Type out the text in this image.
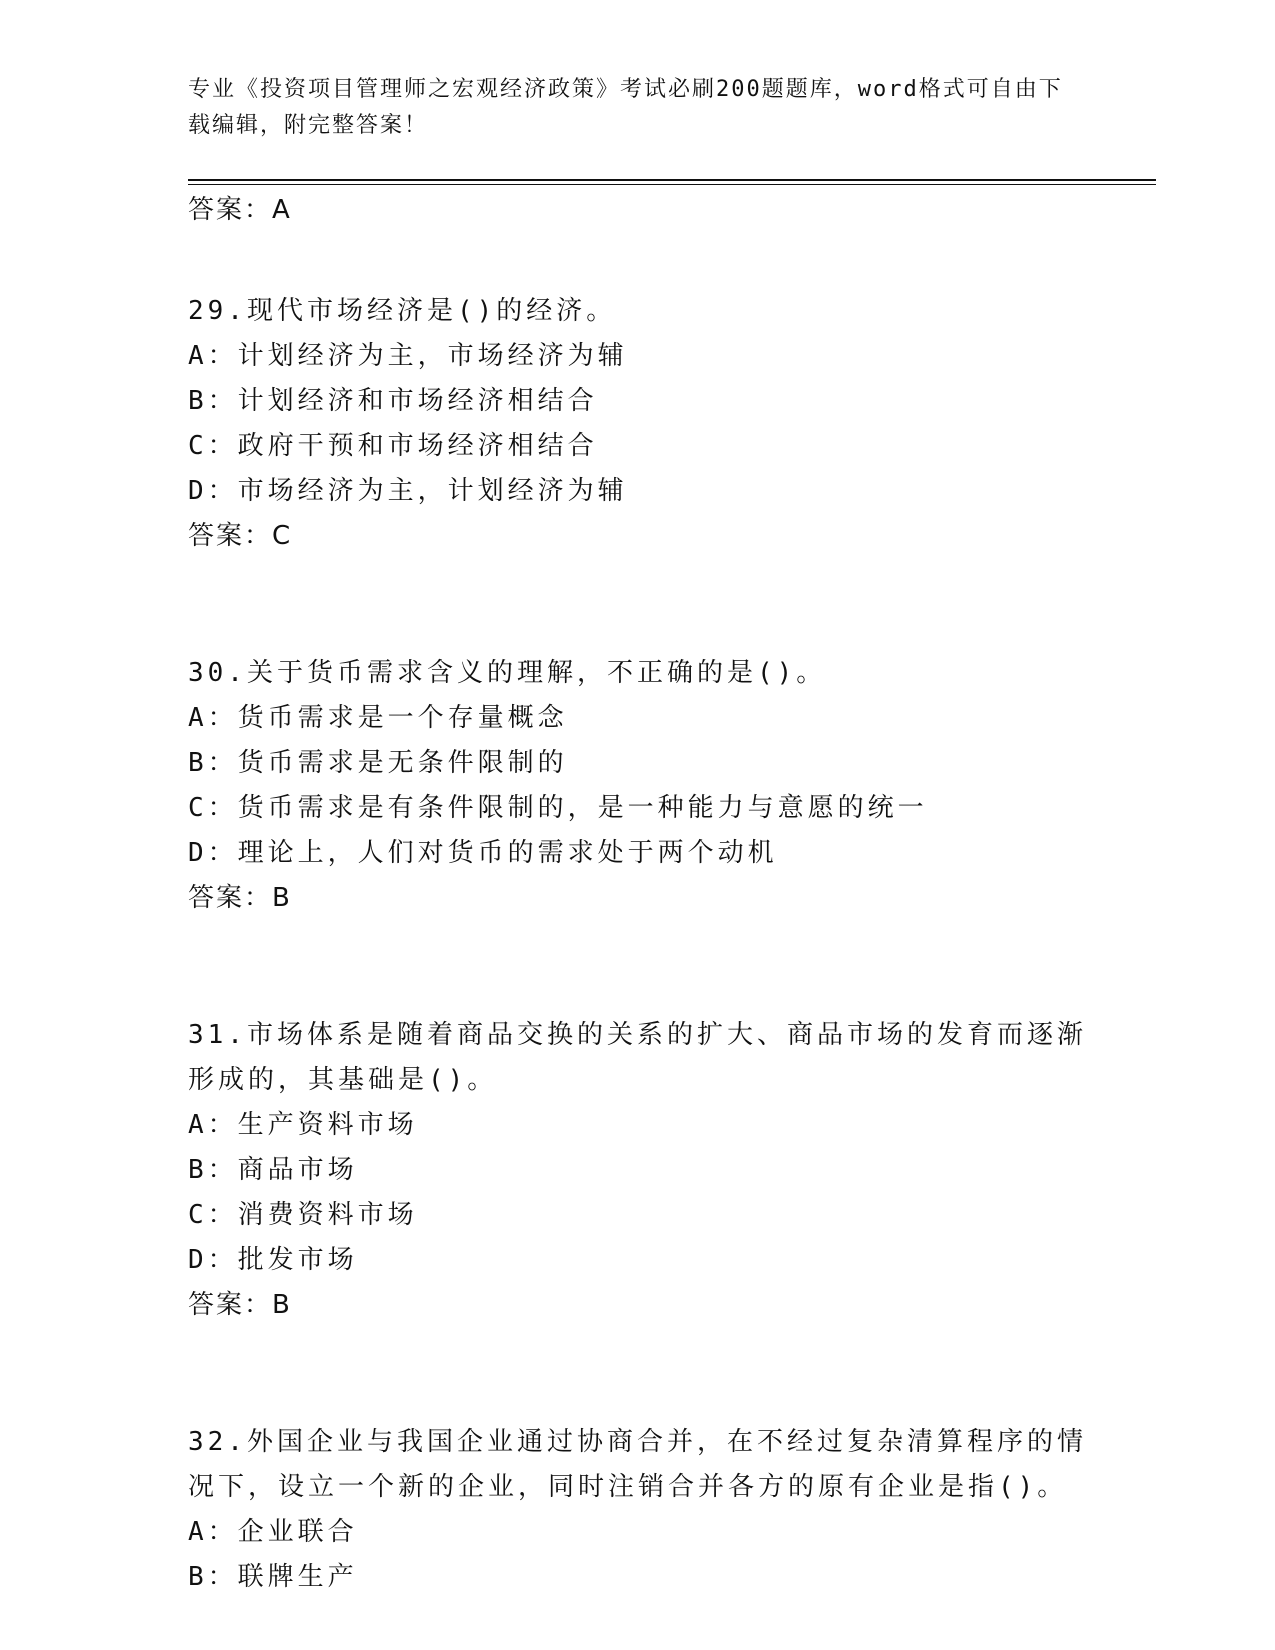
专业《投资项目管理师之宏观经济政策》考试必刷200题题库，word格式可自由下载编辑，附完整答案！
答案：A
29.现代市场经济是()的经济。
A：计划经济为主，市场经济为辅
B：计划经济和市场经济相结合
C：政府干预和市场经济相结合
D：市场经济为主，计划经济为辅
答案：C
30.关于货币需求含义的理解，不正确的是()。
A：货币需求是一个存量概念
B：货币需求是无条件限制的
C：货币需求是有条件限制的，是一种能力与意愿的统一
D：理论上，人们对货币的需求处于两个动机
答案：B
31.市场体系是随着商品交换的关系的扩大、商品市场的发育而逐渐形成的，其基础是()。
A：生产资料市场
B：商品市场
C：消费资料市场
D：批发市场
答案：B
32.外国企业与我国企业通过协商合并，在不经过复杂清算程序的情况下，设立一个新的企业，同时注销合并各方的原有企业是指()。
A：企业联合
B：联牌生产
